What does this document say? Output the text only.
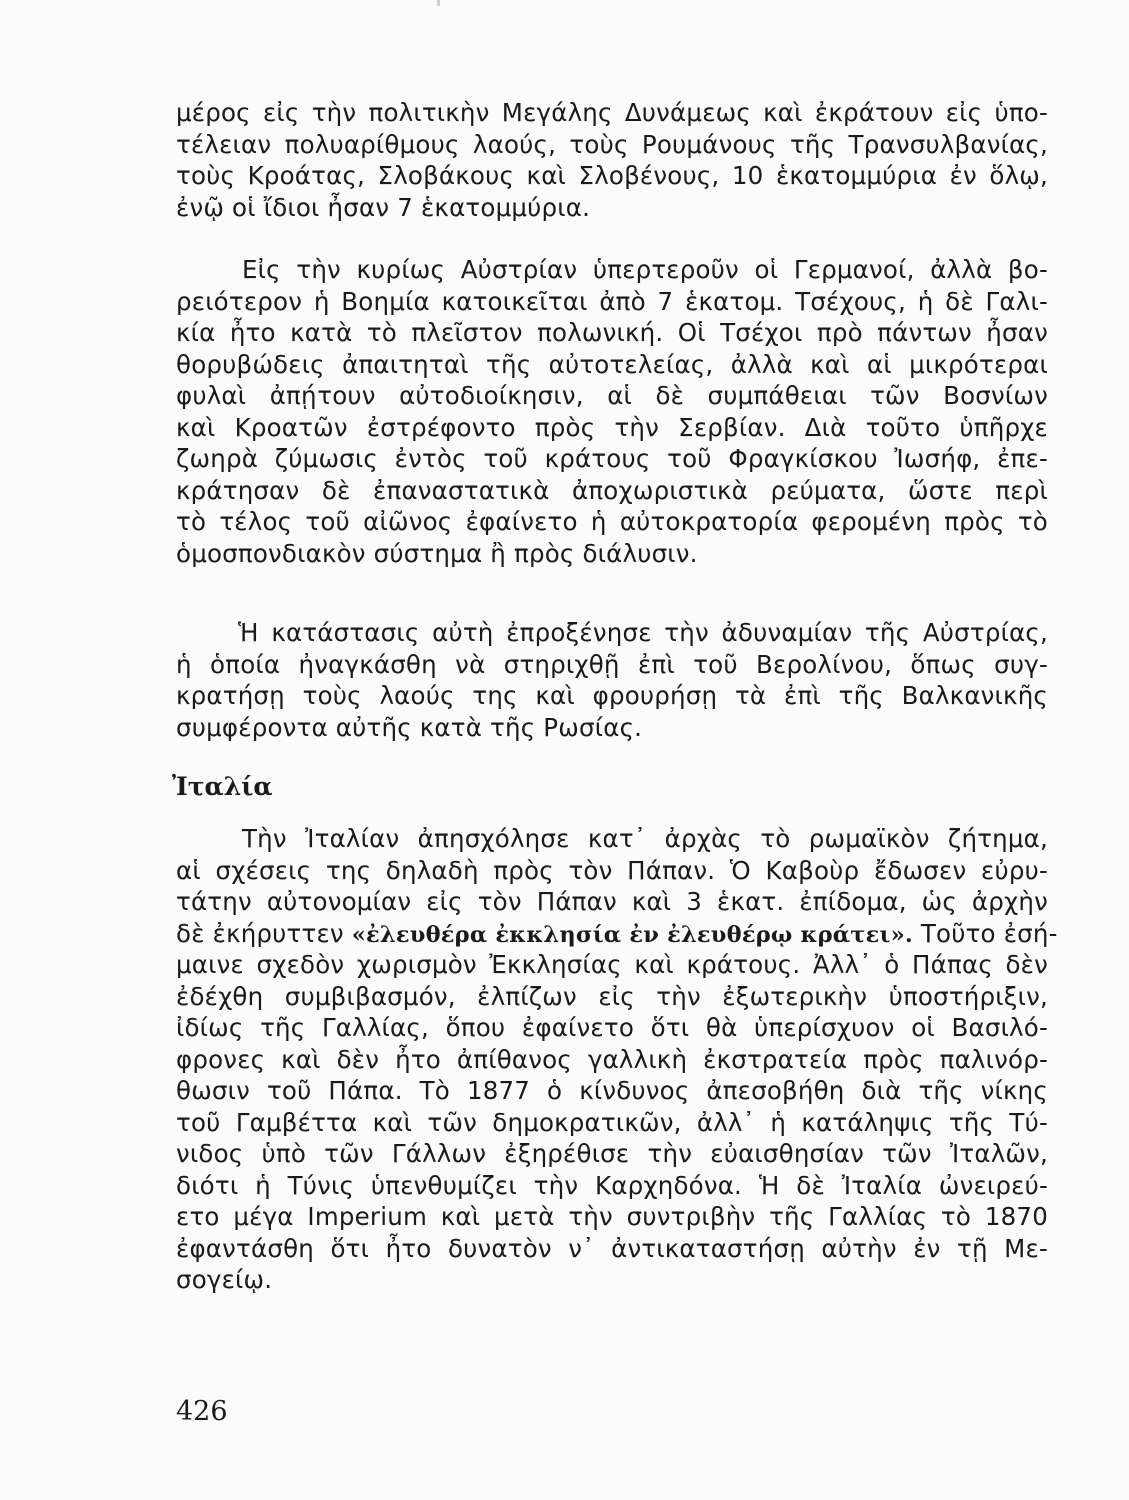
μέρος εἰς τὴν πολιτικὴν Μεγάλης Δυνάμεως καὶ ἐκράτουν εἰς ὑπο-
τέλειαν πολυαρίθμους λαούς, τοὺς Ρουμάνους τῆς Τρανσυλβανίας,
τοὺς Κροάτας, Σλοβάκους καὶ Σλοβένους, 10 ἑκατομμύρια ἐν ὅλῳ,
ἐνῷ οἱ ἴδιοι ἦσαν 7 ἑκατομμύρια.
Εἰς τὴν κυρίως Αὐστρίαν ὑπερτεροῦν οἱ Γερμανοί, ἀλλὰ βο-
ρειότερον ἡ Βοημία κατοικεῖται ἀπὸ 7 ἑκατομ. Τσέχους, ἡ δὲ Γαλι-
κία ἦτο κατὰ τὸ πλεῖστον πολωνική. Οἱ Τσέχοι πρὸ πάντων ἦσαν
θορυβώδεις ἀπαιτηταὶ τῆς αὐτοτελείας, ἀλλὰ καὶ αἱ μικρότεραι
φυλαὶ ἀπῄτουν αὐτοδιοίκησιν, αἱ δὲ συμπάθειαι τῶν Βοσνίων
καὶ Κροατῶν ἐστρέφοντο πρὸς τὴν Σερβίαν. Διὰ τοῦτο ὑπῆρχε
ζωηρὰ ζύμωσις ἐντὸς τοῦ κράτους τοῦ Φραγκίσκου Ἰωσήφ, ἐπε-
κράτησαν δὲ ἐπαναστατικὰ ἀποχωριστικὰ ρεύματα, ὥστε περὶ
τὸ τέλος τοῦ αἰῶνος ἐφαίνετο ἡ αὐτοκρατορία φερομένη πρὸς τὸ
ὁμοσπονδιακὸν σύστημα ἢ πρὸς διάλυσιν.
Ἡ κατάστασις αὐτὴ ἐπροξένησε τὴν ἀδυναμίαν τῆς Αὐστρίας,
ἡ ὁποία ἠναγκάσθη νὰ στηριχθῇ ἐπὶ τοῦ Βερολίνου, ὅπως συγ-
κρατήσῃ τοὺς λαούς της καὶ φρουρήσῃ τὰ ἐπὶ τῆς Βαλκανικῆς
συμφέροντα αὐτῆς κατὰ τῆς Ρωσίας.
Ἰταλία
Τὴν Ἰταλίαν ἀπησχόλησε κατ᾽ ἀρχὰς τὸ ρωμαϊκὸν ζήτημα,
αἱ σχέσεις της δηλαδὴ πρὸς τὸν Πάπαν. Ὁ Καβοὺρ ἔδωσεν εὐρυ-
τάτην αὐτονομίαν εἰς τὸν Πάπαν καὶ 3 ἑκατ. ἐπίδομα, ὡς ἀρχὴν
δὲ ἐκήρυττεν «ἐλευθέρα ἐκκλησία ἐν ἐλευθέρῳ κράτει». Τοῦτο ἐσή-
μαινε σχεδὸν χωρισμὸν Ἐκκλησίας καὶ κράτους. Ἀλλ᾽ ὁ Πάπας δὲν
ἐδέχθη συμβιβασμόν, ἐλπίζων εἰς τὴν ἐξωτερικὴν ὑποστήριξιν,
ἰδίως τῆς Γαλλίας, ὅπου ἐφαίνετο ὅτι θὰ ὑπερίσχυον οἱ Βασιλό-
φρονες καὶ δὲν ἦτο ἀπίθανος γαλλικὴ ἐκστρατεία πρὸς παλινόρ-
θωσιν τοῦ Πάπα. Τὸ 1877 ὁ κίνδυνος ἀπεσοβήθη διὰ τῆς νίκης
τοῦ Γαμβέττα καὶ τῶν δημοκρατικῶν, ἀλλ᾽ ἡ κατάληψις τῆς Τύ-
νιδος ὑπὸ τῶν Γάλλων ἐξηρέθισε τὴν εὐαισθησίαν τῶν Ἰταλῶν,
διότι ἡ Τύνις ὑπενθυμίζει τὴν Καρχηδόνα. Ἡ δὲ Ἰταλία ὠνειρεύ-
ετο μέγα Imperium καὶ μετὰ τὴν συντριβὴν τῆς Γαλλίας τὸ 1870
ἐφαντάσθη ὅτι ἦτο δυνατὸν ν᾽ ἀντικαταστήσῃ αὐτὴν ἐν τῇ Με-
σογείῳ.
426
